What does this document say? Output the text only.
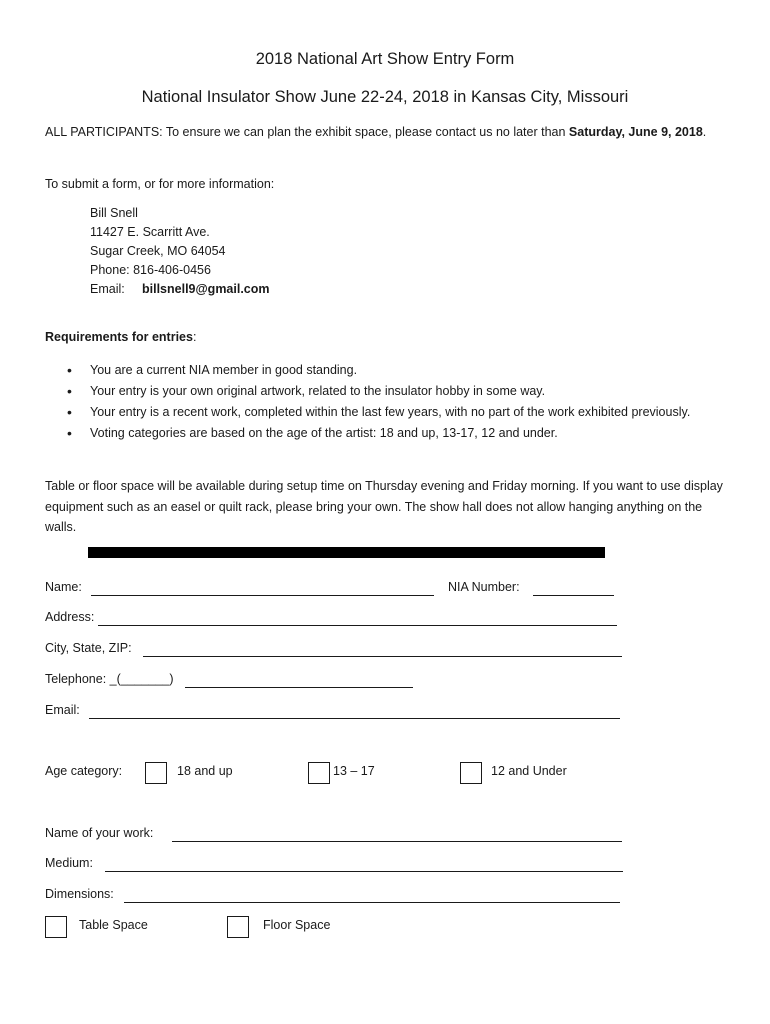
2018 National Art Show Entry Form
National Insulator Show June 22-24, 2018 in Kansas City, Missouri

ALL PARTICIPANTS: To ensure we can plan the exhibit space, please contact us no later than Saturday, June 9, 2018.

To submit a form, or for more information:

Bill Snell
11427 E. Scarritt Ave.
Sugar Creek, MO 64054
Phone: 816-406-0456
Email: billsnell9@gmail.com
Requirements for entries:
• You are a current NIA member in good standing.
• Your entry is your own original artwork, related to the insulator hobby in some way.
• Your entry is a recent work, completed within the last few years, with no part of the work exhibited previously.
• Voting categories are based on the age of the artist: 18 and up, 13-17, 12 and under.

Table or floor space will be available during setup time on Thursday evening and Friday morning. If you want to use display equipment such as an easel or quilt rack, please bring your own. The show hall does not allow hanging anything on the walls.

Name:	NIA Number:
Address:
City, State, ZIP:
Telephone: _(_______)
Email:
Age category:	18 and up	13 – 17	12 and Under
Name of your work:
Medium:
Dimensions:
Table Space	Floor Space
